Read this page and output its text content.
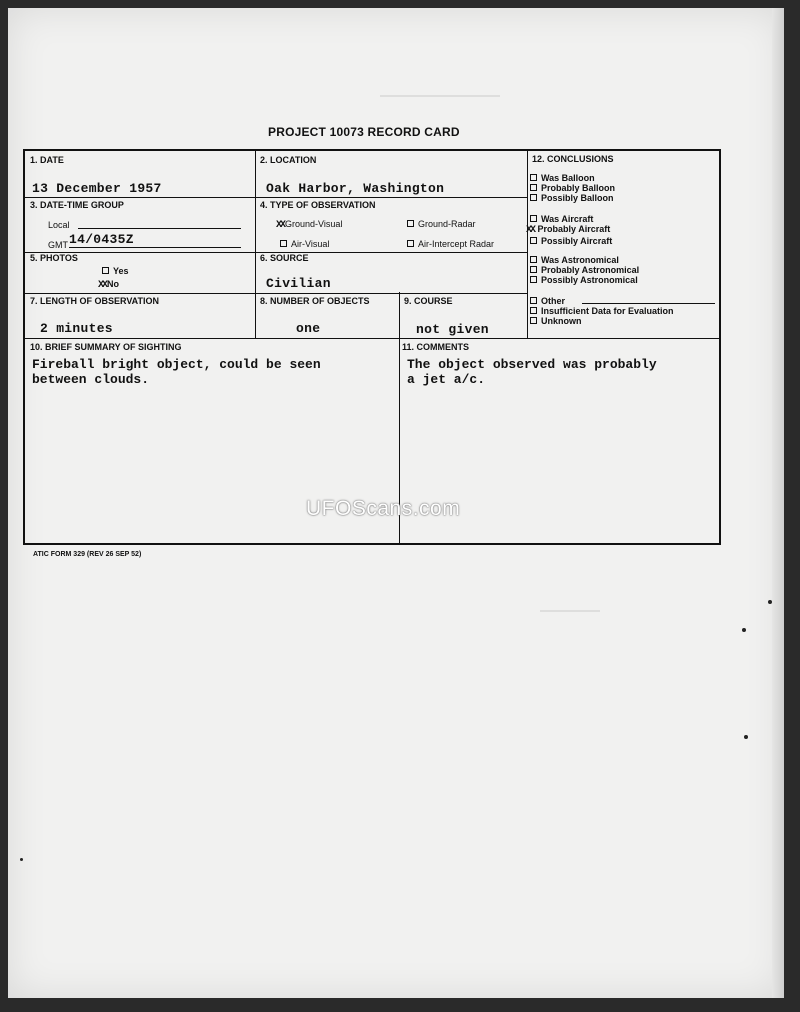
PROJECT 10073 RECORD CARD
1. DATE
13 December 1957
2. LOCATION
Oak Harbor, Washington
3. DATE-TIME GROUP
Local
GMT 14/0435Z
4. TYPE OF OBSERVATION
XXGround-Visual	Ground-Radar
Air-Visual	Air-Intercept Radar
5. PHOTOS
Yes
XXNo
6. SOURCE
Civilian
7. LENGTH OF OBSERVATION
2 minutes
8. NUMBER OF OBJECTS
one
9. COURSE
not given
10. BRIEF SUMMARY OF SIGHTING
Fireball bright object, could be seen
between clouds.
11. COMMENTS
The object observed was probably
a jet a/c.
12. CONCLUSIONS
Was Balloon
Probably Balloon
Possibly Balloon
Was Aircraft
XX Probably Aircraft
Possibly Aircraft
Was Astronomical
Probably Astronomical
Possibly Astronomical
Other
Insufficient Data for Evaluation
Unknown
ATIC FORM 329 (REV 26 SEP 52)
UFOScans.com
